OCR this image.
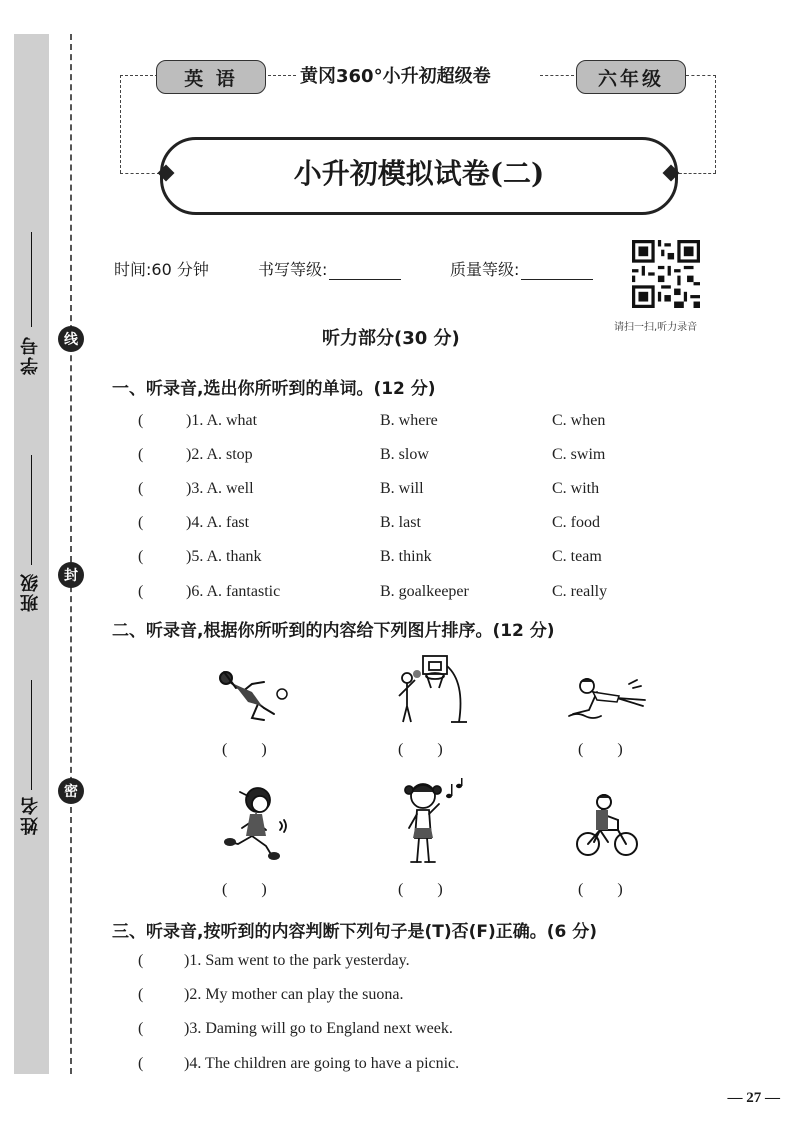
学号
班级
姓名
线
封
密
英 语	黄冈360°小升初超级卷	六年级
小升初模拟试卷(二)
时间:60 分钟	书写等级:	质量等级:
请扫一扫,听力录音
听力部分(30 分)
一、听录音,选出你所听到的单词。(12 分)
(	)1. A. what	B. where	C. when
(	)2. A. stop	B. slow	C. swim
(	)3. A. well	B. will	C. with
(	)4. A. fast	B. last	C. food
(	)5. A. thank	B. think	C. team
(	)6. A. fantastic	B. goalkeeper	C. really
二、听录音,根据你所听到的内容给下列图片排序。(12 分)
( )	( )	( )
( )	( )	( )
三、听录音,按听到的内容判断下列句子是(T)否(F)正确。(6 分)
(	)1. Sam went to the park yesterday.
(	)2. My mother can play the suona.
(	)3. Daming will go to England next week.
(	)4. The children are going to have a picnic.
— 27 —
